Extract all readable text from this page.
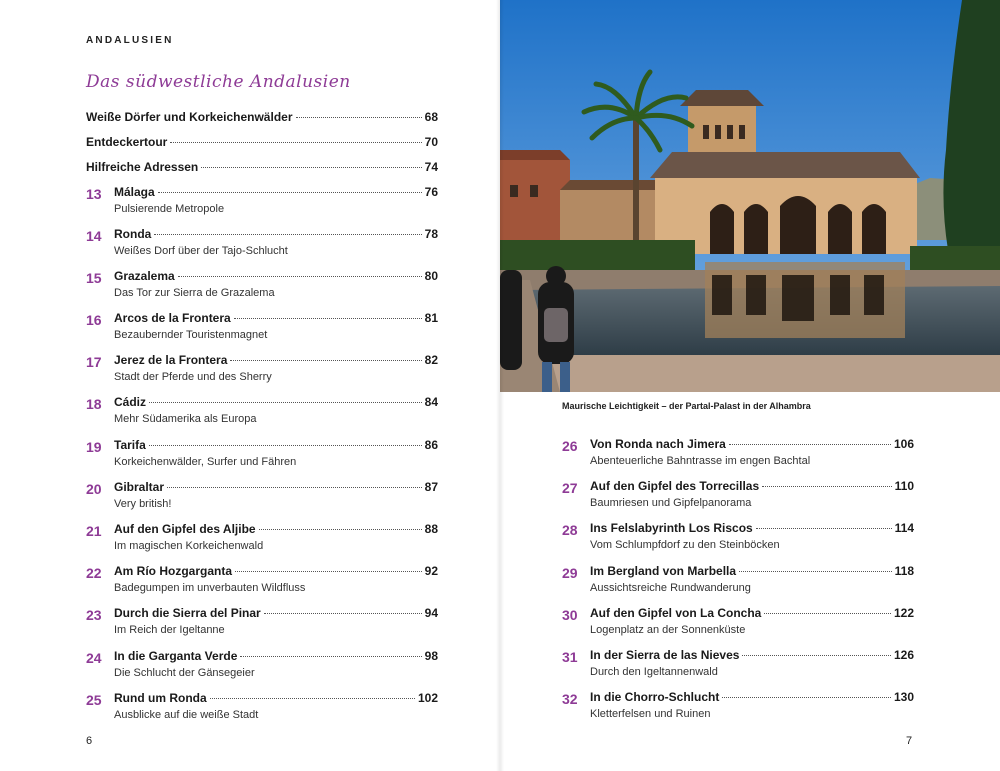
Maurische Leichtigkeit – der Partal-Palast in der Alhambra
ANDALUSIEN
Das südwestliche Andalusien
Weiße Dörfer und Korkeichenwälder	68
Entdeckertour	70
Hilfreiche Adressen	74
13	Málaga	76
Pulsierende Metropole
14	Ronda	78
Weißes Dorf über der Tajo-Schlucht
15	Grazalema	80
Das Tor zur Sierra de Grazalema
16	Arcos de la Frontera	81
Bezaubernder Touristenmagnet
17	Jerez de la Frontera	82
Stadt der Pferde und des Sherry
18	Cádiz	84
Mehr Südamerika als Europa
19	Tarifa	86
Korkeichenwälder, Surfer und Fähren
20	Gibraltar	87
Very british!
21	Auf den Gipfel des Aljibe	88
Im magischen Korkeichenwald
22	Am Río Hozgarganta	92
Badegumpen im unverbauten Wildfluss
23	Durch die Sierra del Pinar	94
Im Reich der Igeltanne
24	In die Garganta Verde	98
Die Schlucht der Gänsegeier
25	Rund um Ronda	102
Ausblicke auf die weiße Stadt
26	Von Ronda nach Jimera	106
Abenteuerliche Bahntrasse im engen Bachtal
27	Auf den Gipfel des Torrecillas	110
Baumriesen und Gipfelpanorama
28	Ins Felslabyrinth Los Riscos	114
Vom Schlumpfdorf zu den Steinböcken
29	Im Bergland von Marbella	118
Aussichtsreiche Rundwanderung
30	Auf den Gipfel von La Concha	122
Logenplatz an der Sonnenküste
31	In der Sierra de las Nieves	126
Durch den Igeltannenwald
32	In die Chorro-Schlucht	130
Kletterfelsen und Ruinen
6	7
